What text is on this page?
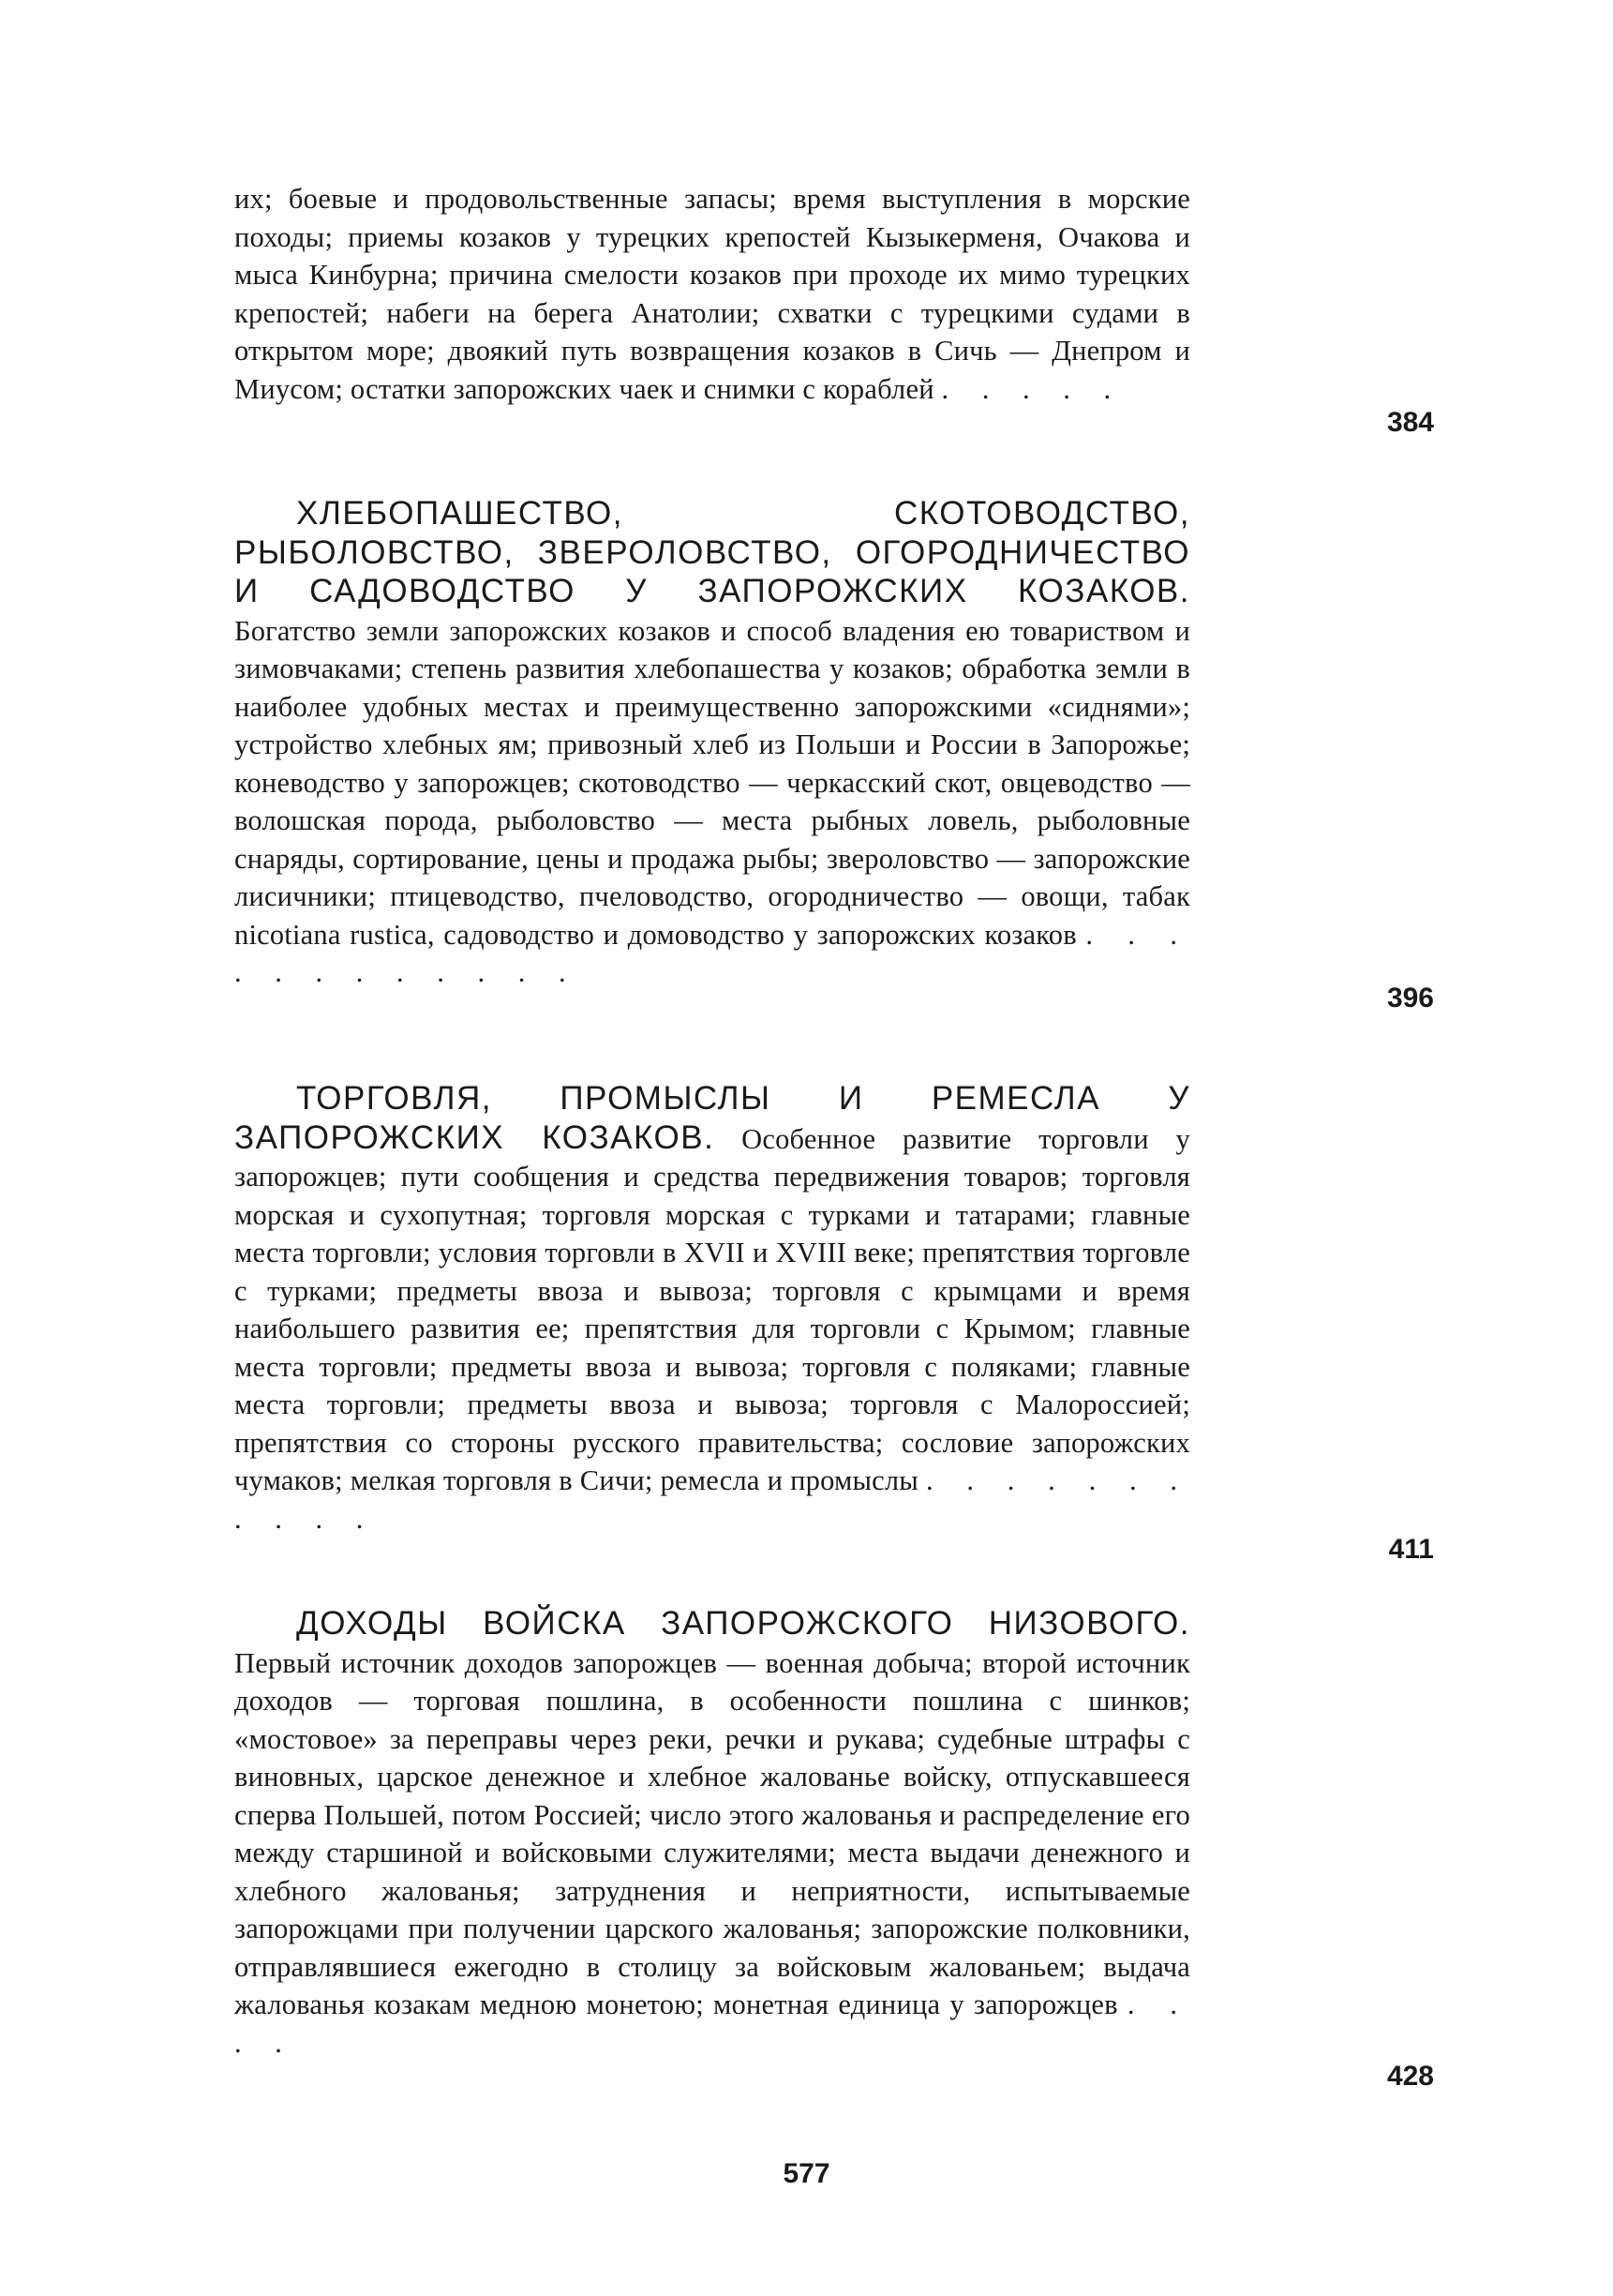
их; боевые и продовольственные запасы; время выступления в морские походы; приемы козаков у турецких крепостей Кызыкерменя, Очакова и мыса Кинбурна; причина смелости козаков при проходе их мимо турецких крепостей; набеги на берега Анатолии; схватки с турецкими судами в открытом море; двоякий путь возвращения козаков в Сичь — Днепром и Миусом; остатки запорожских чаек и снимки с кораблей . . . . .
384
ХЛЕБОПАШЕСТВО, СКОТОВОДСТВО, РЫБОЛОВСТВО, ЗВЕРОЛОВСТВО, ОГОРОДНИЧЕСТВО И САДОВОДСТВО У ЗАПОРОЖСКИХ КОЗАКОВ. Богатство земли запорожских козаков и способ владения ею товариством и зимовчаками; степень развития хлебопашества у козаков; обработка земли в наиболее удобных местах и преимущественно запорожскими «сиднями»; устройство хлебных ям; привозный хлеб из Польши и России в Запорожье; коневодство у запорожцев; скотоводство — черкасский скот, овцеводство — волошская порода, рыболовство — места рыбных ловель, рыболовные снаряды, сортирование, цены и продажа рыбы; звероловство — запорожские лисичники; птицеводство, пчеловодство, огородничество — овощи, табак nicotiana rustica, садоводство и домоводство у запорожских козаков . . . . . . . . . . . .
396
ТОРГОВЛЯ, ПРОМЫСЛЫ И РЕМЕСЛА У ЗАПОРОЖСКИХ КОЗАКОВ. Особенное развитие торговли у запорожцев; пути сообщения и средства передвижения товаров; торговля морская и сухопутная; торговля морская с турками и татарами; главные места торговли; условия торговли в XVII и XVIII веке; препятствия торговле с турками; предметы ввоза и вывоза; торговля с крымцами и время наибольшего развития ее; препятствия для торговли с Крымом; главные места торговли; предметы ввоза и вывоза; торговля с поляками; главные места торговли; предметы ввоза и вывоза; торговля с Малороссией; препятствия со стороны русского правительства; сословие запорожских чумаков; мелкая торговля в Сичи; ремесла и промыслы . . . . . . . . . . .
411
ДОХОДЫ ВОЙСКА ЗАПОРОЖСКОГО НИЗОВОГО. Первый источник доходов запорожцев — военная добыча; второй источник доходов — торговая пошлина, в особенности пошлина с шинков; «мостовое» за переправы через реки, речки и рукава; судебные штрафы с виновных, царское денежное и хлебное жалованье войску, отпускавшееся сперва Польшей, потом Россией; число этого жалованья и распределение его между старшиной и войсковыми служителями; места выдачи денежного и хлебного жалованья; затруднения и неприятности, испытываемые запорожцами при получении царского жалованья; запорожские полковники, отправлявшиеся ежегодно в столицу за войсковым жалованьем; выдача жалованья козакам медною монетою; монетная единица у запорожцев . . . .
428
577
